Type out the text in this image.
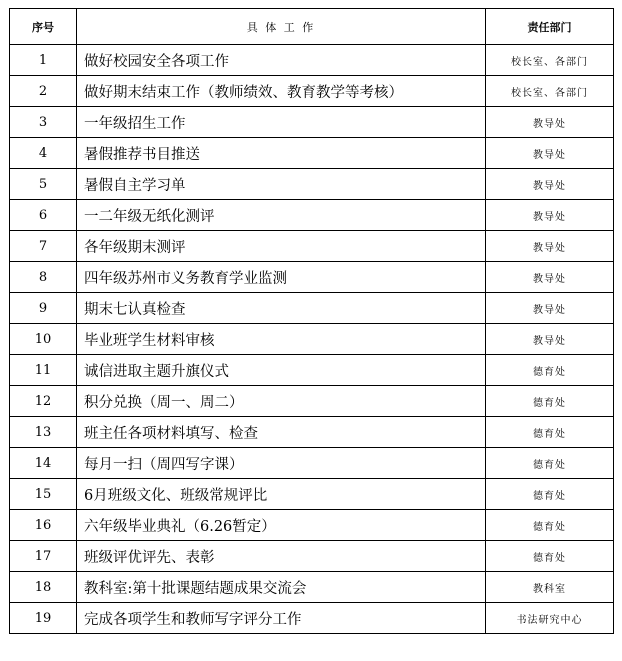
序号	具 体 工 作	责任部门
1	做好校园安全各项工作	校长室、各部门
2	做好期末结束工作（教师绩效、教育教学等考核）	校长室、各部门
3	一年级招生工作	教导处
4	暑假推荐书目推送	教导处
5	暑假自主学习单	教导处
6	一二年级无纸化测评	教导处
7	各年级期末测评	教导处
8	四年级苏州市义务教育学业监测	教导处
9	期末七认真检查	教导处
10	毕业班学生材料审核	教导处
11	诚信进取主题升旗仪式	德育处
12	积分兑换（周一、周二）	德育处
13	班主任各项材料填写、检查	德育处
14	每月一扫（周四写字课）	德育处
15	6月班级文化、班级常规评比	德育处
16	六年级毕业典礼（6.26暂定）	德育处
17	班级评优评先、表彰	德育处
18	教科室:第十批课题结题成果交流会	教科室
19	完成各项学生和教师写字评分工作	书法研究中心
